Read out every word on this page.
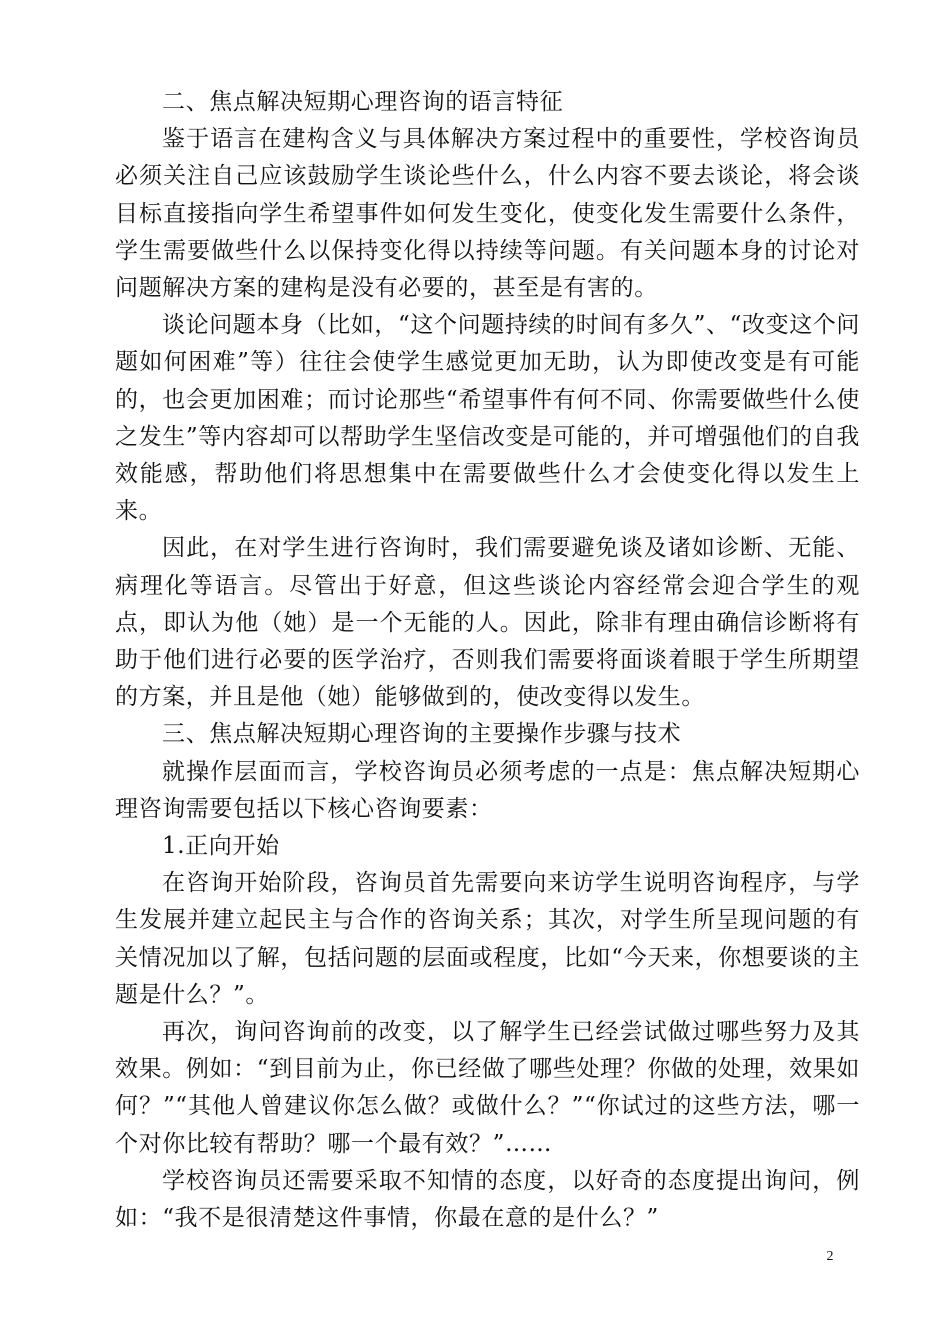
二、焦点解决短期心理咨询的语言特征

鉴于语言在建构含义与具体解决方案过程中的重要性，学校咨询员必须关注自己应该鼓励学生谈论些什么，什么内容不要去谈论，将会谈目标直接指向学生希望事件如何发生变化，使变化发生需要什么条件，学生需要做些什么以保持变化得以持续等问题。有关问题本身的讨论对问题解决方案的建构是没有必要的，甚至是有害的。

谈论问题本身（比如，“这个问题持续的时间有多久”、“改变这个问题如何困难”等）往往会使学生感觉更加无助，认为即使改变是有可能的，也会更加困难；而讨论那些“希望事件有何不同、你需要做些什么使之发生”等内容却可以帮助学生坚信改变是可能的，并可增强他们的自我效能感，帮助他们将思想集中在需要做些什么才会使变化得以发生上来。

因此，在对学生进行咨询时，我们需要避免谈及诸如诊断、无能、病理化等语言。尽管出于好意，但这些谈论内容经常会迎合学生的观点，即认为他（她）是一个无能的人。因此，除非有理由确信诊断将有助于他们进行必要的医学治疗，否则我们需要将面谈着眼于学生所期望的方案，并且是他（她）能够做到的，使改变得以发生。

三、焦点解决短期心理咨询的主要操作步骤与技术

就操作层面而言，学校咨询员必须考虑的一点是：焦点解决短期心理咨询需要包括以下核心咨询要素：

1.正向开始

在咨询开始阶段，咨询员首先需要向来访学生说明咨询程序，与学生发展并建立起民主与合作的咨询关系；其次，对学生所呈现问题的有关情况加以了解，包括问题的层面或程度，比如“今天来，你想要谈的主题是什么？”。

再次，询问咨询前的改变，以了解学生已经尝试做过哪些努力及其效果。例如：“到目前为止，你已经做了哪些处理？你做的处理，效果如何？”“其他人曾建议你怎么做？或做什么？”“你试过的这些方法，哪一个对你比较有帮助？哪一个最有效？”……

学校咨询员还需要采取不知情的态度，以好奇的态度提出询问，例如：“我不是很清楚这件事情，你最在意的是什么？”

2
